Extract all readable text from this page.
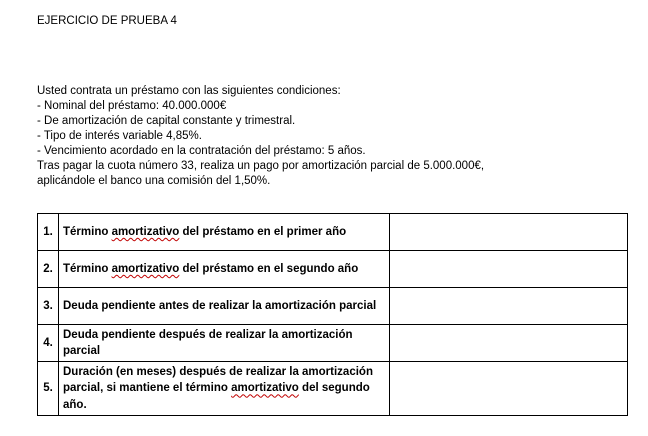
EJERCICIO DE PRUEBA 4

Usted contrata un préstamo con las siguientes condiciones:

- Nominal del préstamo: 40.000.000€

- De amortización de capital constante y trimestral.

- Tipo de interés variable 4,85%.

- Vencimiento acordado en la contratación del préstamo: 5 años.

Tras pagar la cuota número 33, realiza un pago por amortización parcial de 5.000.000€,

aplicándole el banco una comisión del 1,50%.

1.	Término amortizativo del préstamo en el primer año	
2.	Término amortizativo del préstamo en el segundo año	
3.	Deuda pendiente antes de realizar la amortización parcial	
4.	Deuda pendiente después de realizar la amortización parcial	
5.	Duración (en meses) después de realizar la amortización parcial, si mantiene el término amortizativo del segundo año.	
